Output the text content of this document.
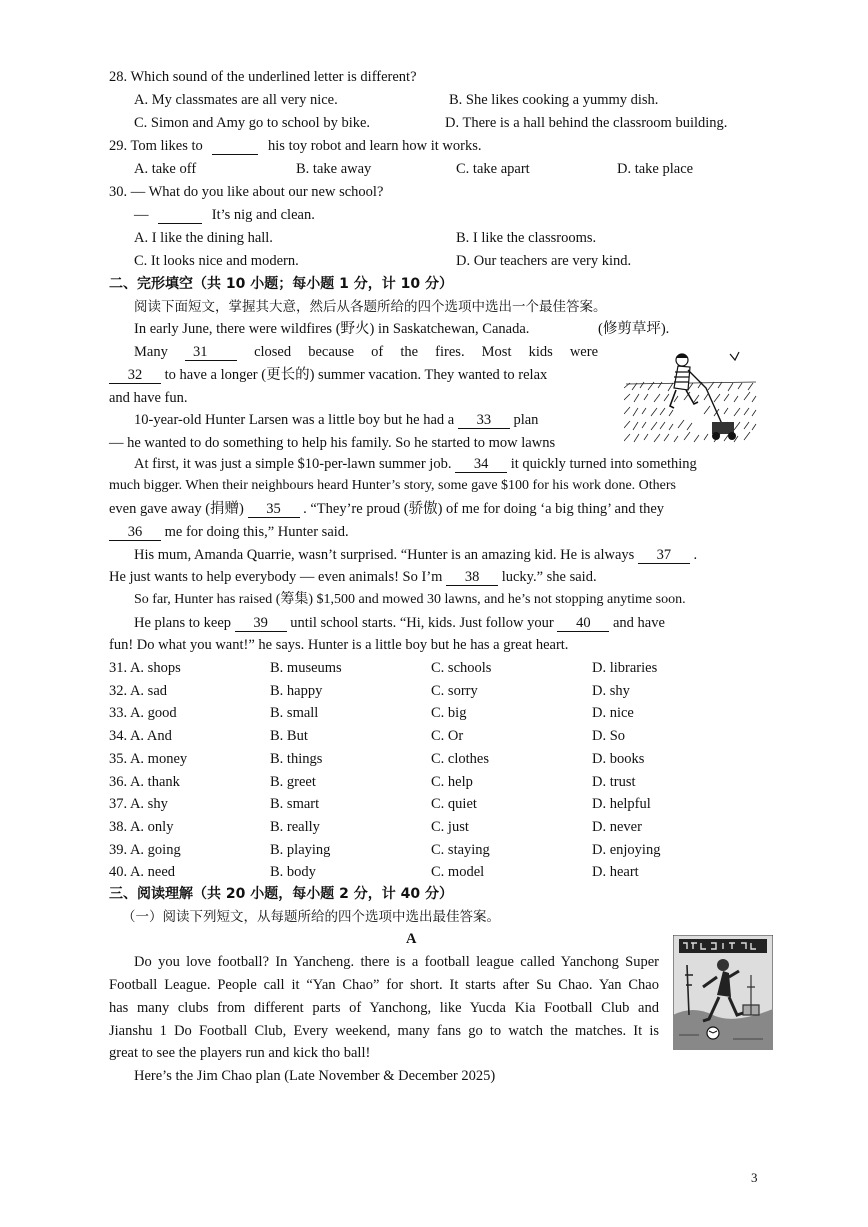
28. Which sound of the underlined letter is different?
A. My classmates are all very nice.	B. She likes cooking a yummy dish.
C. Simon and Amy go to school by bike.	D. There is a hall behind the classroom building.
29. Tom likes to	his toy robot and learn how it works.
A. take off	B. take away	C. take apart	D. take place
30. — What do you like about our new school?
—	It’s nig and clean.
A. I like the dining hall.	B. I like the classrooms.
C. It looks nice and modern.	D. Our teachers are very kind.
二、完形填空（共 10 小题；每小题 1 分，计 10 分）
阅读下面短文，掌握其大意，然后从各题所给的四个选项中选出一个最佳答案。
In early June, there were wildfires (野火) in Saskatchewan, Canada.	(修剪草坪).
Many 31	closed because of the fires. Most kids were
32 to have a longer (更长的) summer vacation. They wanted to relax
and have fun.
10-year-old Hunter Larsen was a little boy but he had a 33 plan
— he wanted to do something to help his family. So he started to mow lawns
At first, it was just a simple $10-per-lawn summer job. 34 it quickly turned into something
much bigger. When their neighbours heard Hunter’s story, some gave $100 for his work done. Others
even gave away (捐赠) 35 . “They’re proud (骄傲) of me for doing ‘a big thing’ and they
36 me for doing this,” Hunter said.
His mum, Amanda Quarrie, wasn’t surprised. “Hunter is an amazing kid. He is always 37 .
He just wants to help everybody — even animals! So I’m 38 lucky.” she said.
So far, Hunter has raised (筹集) $1,500 and mowed 30 lawns, and he’s not stopping anytime soon.
He plans to keep 39 until school starts. “Hi, kids. Just follow your 40 and have
fun! Do what you want!” he says. Hunter is a little boy but he has a great heart.
31. A. shops	B. museums	C. schools	D. libraries
32. A. sad	B. happy	C. sorry	D. shy
33. A. good	B. small	C. big	D. nice
34. A. And	B. But	C. Or	D. So
35. A. money	B. things	C. clothes	D. books
36. A. thank	B. greet	C. help	D. trust
37. A. shy	B. smart	C. quiet	D. helpful
38. A. only	B. really	C. just	D. never
39. A. going	B. playing	C. staying	D. enjoying
40. A. need	B. body	C. model	D. heart
三、阅读理解（共 20 小题，每小题 2 分，计 40 分）
（一）阅读下列短文，从每题所给的四个选项中选出最佳答案。
A
Do you love football? In Yancheng. there is a football league called Yanchong Super
Football League. People call it “Yan Chao” for short. It starts after Su Chao. Yan Chao
has many clubs from different parts of Yanchong, like Yucda Kia Football Club and
Jianshu 1 Do Football Club, Every weekend, many fans go to watch the matches. It is
great to see the players run and kick tho ball!
Here’s the Jim Chao plan (Late November & December 2025)
3
